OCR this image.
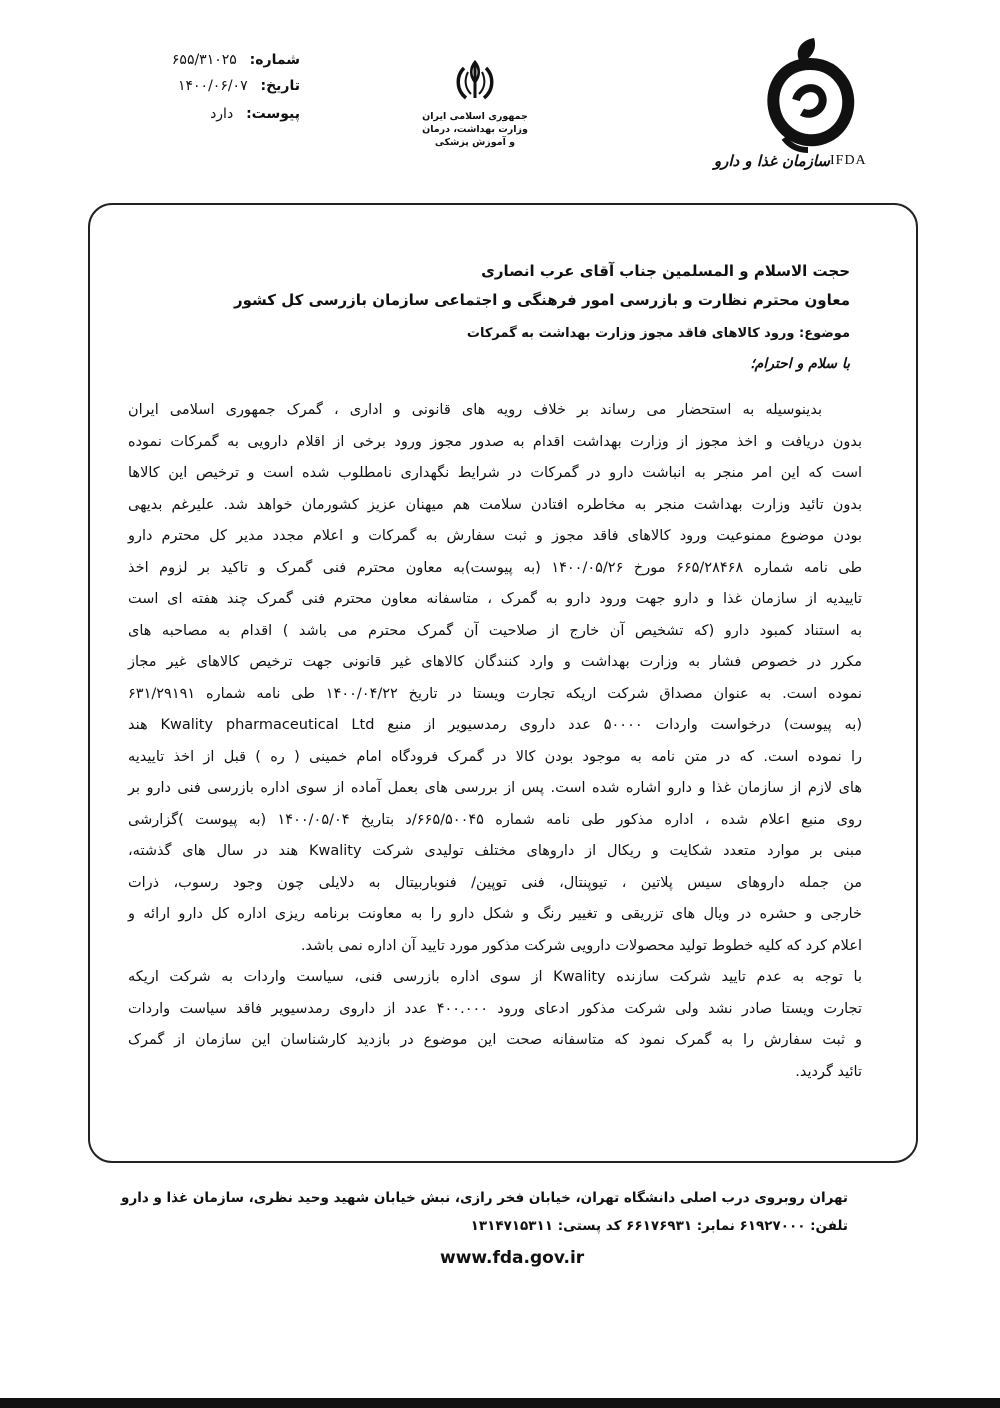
شماره: ۶۵۵/۳۱۰۲۵
تاریخ: ۱۴۰۰/۰۶/۰۷
پیوست: دارد	جمهوری اسلامی ایران
وزارت بهداشت، درمان
و آموزش پزشکی
سازمان غذا و دارو IFDA
حجت الاسلام و المسلمین جناب آقای عرب انصاری
معاون محترم نظارت و بازرسی امور فرهنگی و اجتماعی سازمان بازرسی کل کشور
موضوع: ورود کالاهای فاقد مجوز وزارت بهداشت به گمرکات
با سلام و احترام؛
بدینوسیله به استحضار می رساند بر خلاف رویه های قانونی و اداری ، گمرک جمهوری اسلامی ایران
بدون دریافت و اخذ مجوز از وزارت بهداشت اقدام به صدور مجوز ورود برخی از اقلام دارویی به گمرکات نموده
است که این امر منجر به انباشت دارو در گمرکات در شرایط نگهداری نامطلوب شده است و ترخیص این کالاها
بدون تائید وزارت بهداشت منجر به مخاطره افتادن سلامت هم میهنان عزیز کشورمان خواهد شد. علیرغم بدیهی
بودن موضوع ممنوعیت ورود کالاهای فاقد مجوز و ثبت سفارش به گمرکات و اعلام مجدد مدیر کل محترم دارو
طی نامه شماره ۶۶۵/۲۸۴۶۸ مورخ ۱۴۰۰/۰۵/۲۶ (به پیوست)به معاون محترم فنی گمرک و تاکید بر لزوم اخذ
تاییدیه از سازمان غذا و دارو جهت ورود دارو به گمرک ، متاسفانه معاون محترم فنی گمرک چند هفته ای است
به استناد کمبود دارو (که تشخیص آن خارج از صلاحیت آن گمرک محترم می باشد ) اقدام به مصاحبه های
مکرر در خصوص فشار به وزارت بهداشت و وارد کنندگان کالاهای غیر قانونی جهت ترخیص کالاهای غیر مجاز
نموده است. به عنوان مصداق شرکت اریکه تجارت ویستا در تاریخ ۱۴۰۰/۰۴/۲۲ طی نامه شماره ۶۳۱/۲۹۱۹۱
(به پیوست) درخواست واردات ۵۰۰۰۰ عدد داروی رمدسیویر از منبع Kwality pharmaceutical Ltd هند
را نموده است. که در متن نامه به موجود بودن کالا در گمرک فرودگاه امام خمینی ( ره ) قبل از اخذ تاییدیه
های لازم از سازمان غذا و دارو اشاره شده است. پس از بررسی های بعمل آماده از سوی اداره بازرسی فنی دارو بر
روی منبع اعلام شده ، اداره مذکور طی نامه شماره ۶۶۵/۵۰۰۴۵/د بتاریخ ۱۴۰۰/۰۵/۰۴ (به پیوست )گزارشی
مبنی بر موارد متعدد شکایت و ریکال از داروهای مختلف تولیدی شرکت Kwality هند در سال های گذشته،
من جمله داروهای سیس پلاتین ، تیوپنتال، فنی توپین/ فنوباربیتال به دلایلی چون وجود رسوب، ذرات
خارجی و حشره در ویال های تزریقی و تغییر رنگ و شکل دارو را به معاونت برنامه ریزی اداره کل دارو ارائه و
اعلام کرد که کلیه خطوط تولید محصولات دارویی شرکت مذکور مورد تایید آن اداره نمی باشد.
با توجه به عدم تایید شرکت سازنده Kwality از سوی اداره بازرسی فنی، سیاست واردات به شرکت اریکه
تجارت ویستا صادر نشد ولی شرکت مذکور ادعای ورود ۴۰۰.۰۰۰ عدد از داروی رمدسیویر فاقد سیاست واردات
و ثبت سفارش را به گمرک نمود که متاسفانه صحت این موضوع در بازدید کارشناسان این سازمان از گمرک
تائید گردید.
تهران روبروی درب اصلی دانشگاه تهران، خیابان فخر رازی، نبش خیابان شهید وحید نظری، سازمان غذا و دارو
تلفن: ۶۱۹۲۷۰۰۰ نمابر: ۶۶۱۷۶۹۳۱ کد پستی: ۱۳۱۴۷۱۵۳۱۱
www.fda.gov.ir
